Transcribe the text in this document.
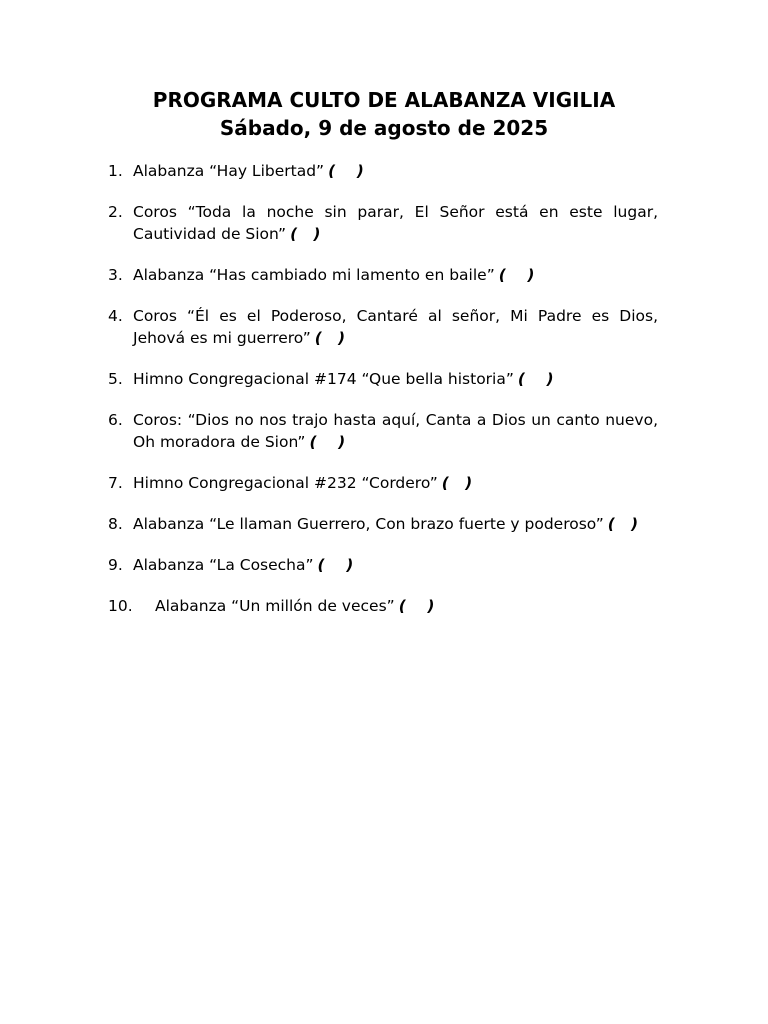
PROGRAMA CULTO DE ALABANZA VIGILIA
Sábado, 9 de agosto de 2025
1. Alabanza “Hay Libertad” (    )
2. Coros “Toda la noche sin parar, El Señor está en este lugar, Cautividad de Sion” (   )
3. Alabanza “Has cambiado mi lamento en baile” (    )
4. Coros “Él es el Poderoso, Cantaré al señor, Mi Padre es Dios, Jehová es mi guerrero” (   )
5. Himno Congregacional #174 “Que bella historia” (    )
6. Coros: “Dios no nos trajo hasta aquí, Canta a Dios un canto nuevo, Oh moradora de Sion” (    )
7. Himno Congregacional #232 “Cordero” (   )
8. Alabanza “Le llaman Guerrero, Con brazo fuerte y poderoso” (   )
9. Alabanza “La Cosecha” (    )
10. Alabanza “Un millón de veces” (    )
